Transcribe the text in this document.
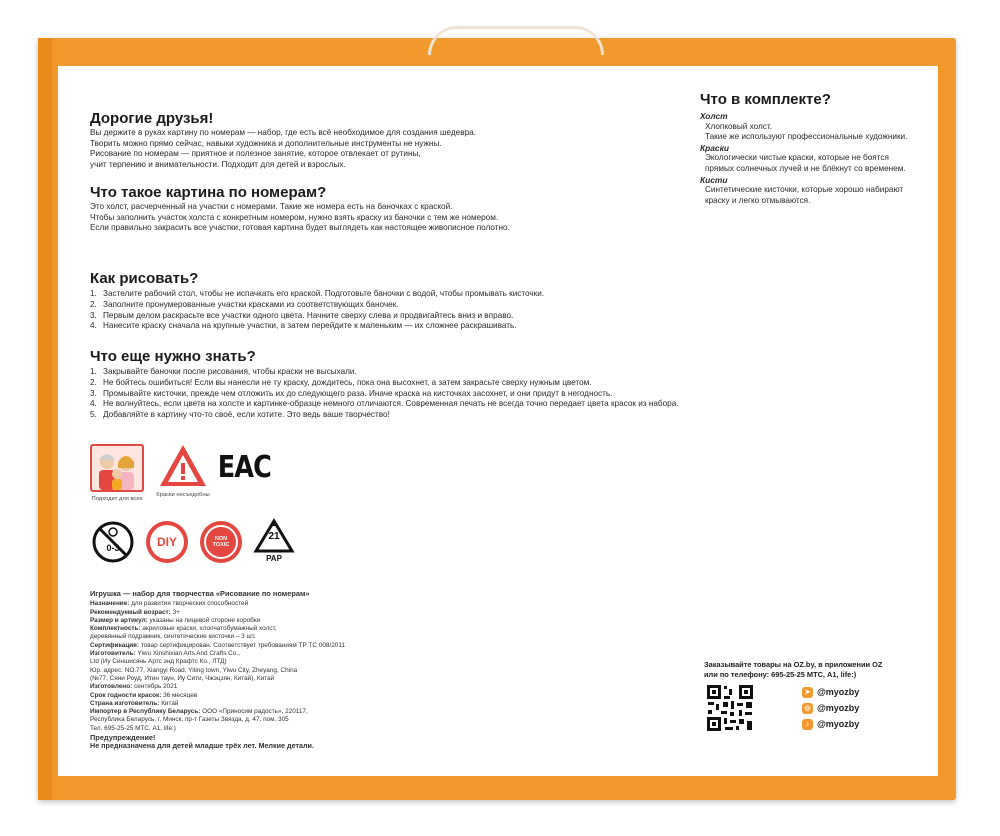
Дорогие друзья!
Вы держите в руках картину по номерам — набор, где есть всё необходимое для создания шедевра.
Творить можно прямо сейчас, навыки художника и дополнительные инструменты не нужны.
Рисование по номерам — приятное и полезное занятие, которое отвлекает от рутины,
учит терпению и внимательности. Подходит для детей и взрослых.
Что такое картина по номерам?
Это холст, расчерченный на участки с номерами. Такие же номера есть на баночках с краской.
Чтобы заполнить участок холста с конкретным номером, нужно взять краску из баночки с тем же номером.
Если правильно закрасить все участки, готовая картина будет выглядеть как настоящее живописное полотно.
Как рисовать?
1. Застелите рабочий стол, чтобы не испачкать его краской. Подготовьте баночки с водой, чтобы промывать кисточки.
2. Заполните пронумерованные участки красками из соответствующих баночек.
3. Первым делом раскрасьте все участки одного цвета. Начните сверху слева и продвигайтесь вниз и вправо.
4. Нанесите краску сначала на крупные участки, а затем перейдите к маленьким — их сложнее раскрашивать.
Что еще нужно знать?
1. Закрывайте баночки после рисования, чтобы краски не высыхали.
2. Не бойтесь ошибиться! Если вы нанесли не ту краску, дождитесь, пока она высохнет, а затем закрасьте сверху нужным цветом.
3. Промывайте кисточки, прежде чем отложить их до следующего раза. Иначе краска на кисточках засохнет, и они придут в негодность.
4. Не волнуйтесь, если цвета на холсте и картинке-образце немного отличаются. Современная печать не всегда точно передает цвета красок из набора.
5. Добавляйте в картину что-то своё, если хотите. Это ведь ваше творчество!
Что в комплекте?
Холст
Хлопковый холст.
Такие же используют профессиональные художники.
Краски
Экологически чистые краски, которые не боятся
прямых солнечных лучей и не блёкнут со временем.
Кисти
Синтетические кисточки, которые хорошо набирают
краску и легко отмываются.
Подходит для всех
Краски несъедобны
EAC
0-3	DIY	NON TOXIC
21
PAP
Игрушка — набор для творчества «Рисование по номерам»
Назначение: для развития творческих способностей
Рекомендуемый возраст: 3+
Размер и артикул: указаны на лицевой стороне коробки
Комплектность: акриловые краски, хлопчатобумажный холст,
деревянный подрамник, синтетические кисточки – 3 шт.
Сертификация: товар сертифицирован. Соответствует требованиям ТР ТС 008/2011
Изготовитель: Yiwu Xinshixian Arts And Crafts Co.,
Ltd (Иу Синшисянь Артс энд Крафтс Ко., ЛТД)
Юр. адрес: NO.77, Xiangyi Road, Yiting town, Yiwu City, Zheyang, China
(№77, Сяни Роуд, Итин таун, Иу Сити, Чжэцзян, Китай), Китай
Изготовлено: сентябрь 2021
Срок годности красок: 36 месяцев
Страна изготовитель: Китай
Импортер в Республику Беларусь: ООО «Приносим радость», 220117,
Республика Беларусь, г. Минск, пр-т Газеты Звязда, д. 47, пом. 305
Тел. 695-25-25 МТС, А1, life:)
Предупреждение!
Не предназначена для детей младше трёх лет. Мелкие детали.
Заказывайте товары на OZ.by, в приложении OZ
или по телефону: 695-25-25 МТС, А1, life:)
➤ @myozby
◎ @myozby
♪ @myozby
